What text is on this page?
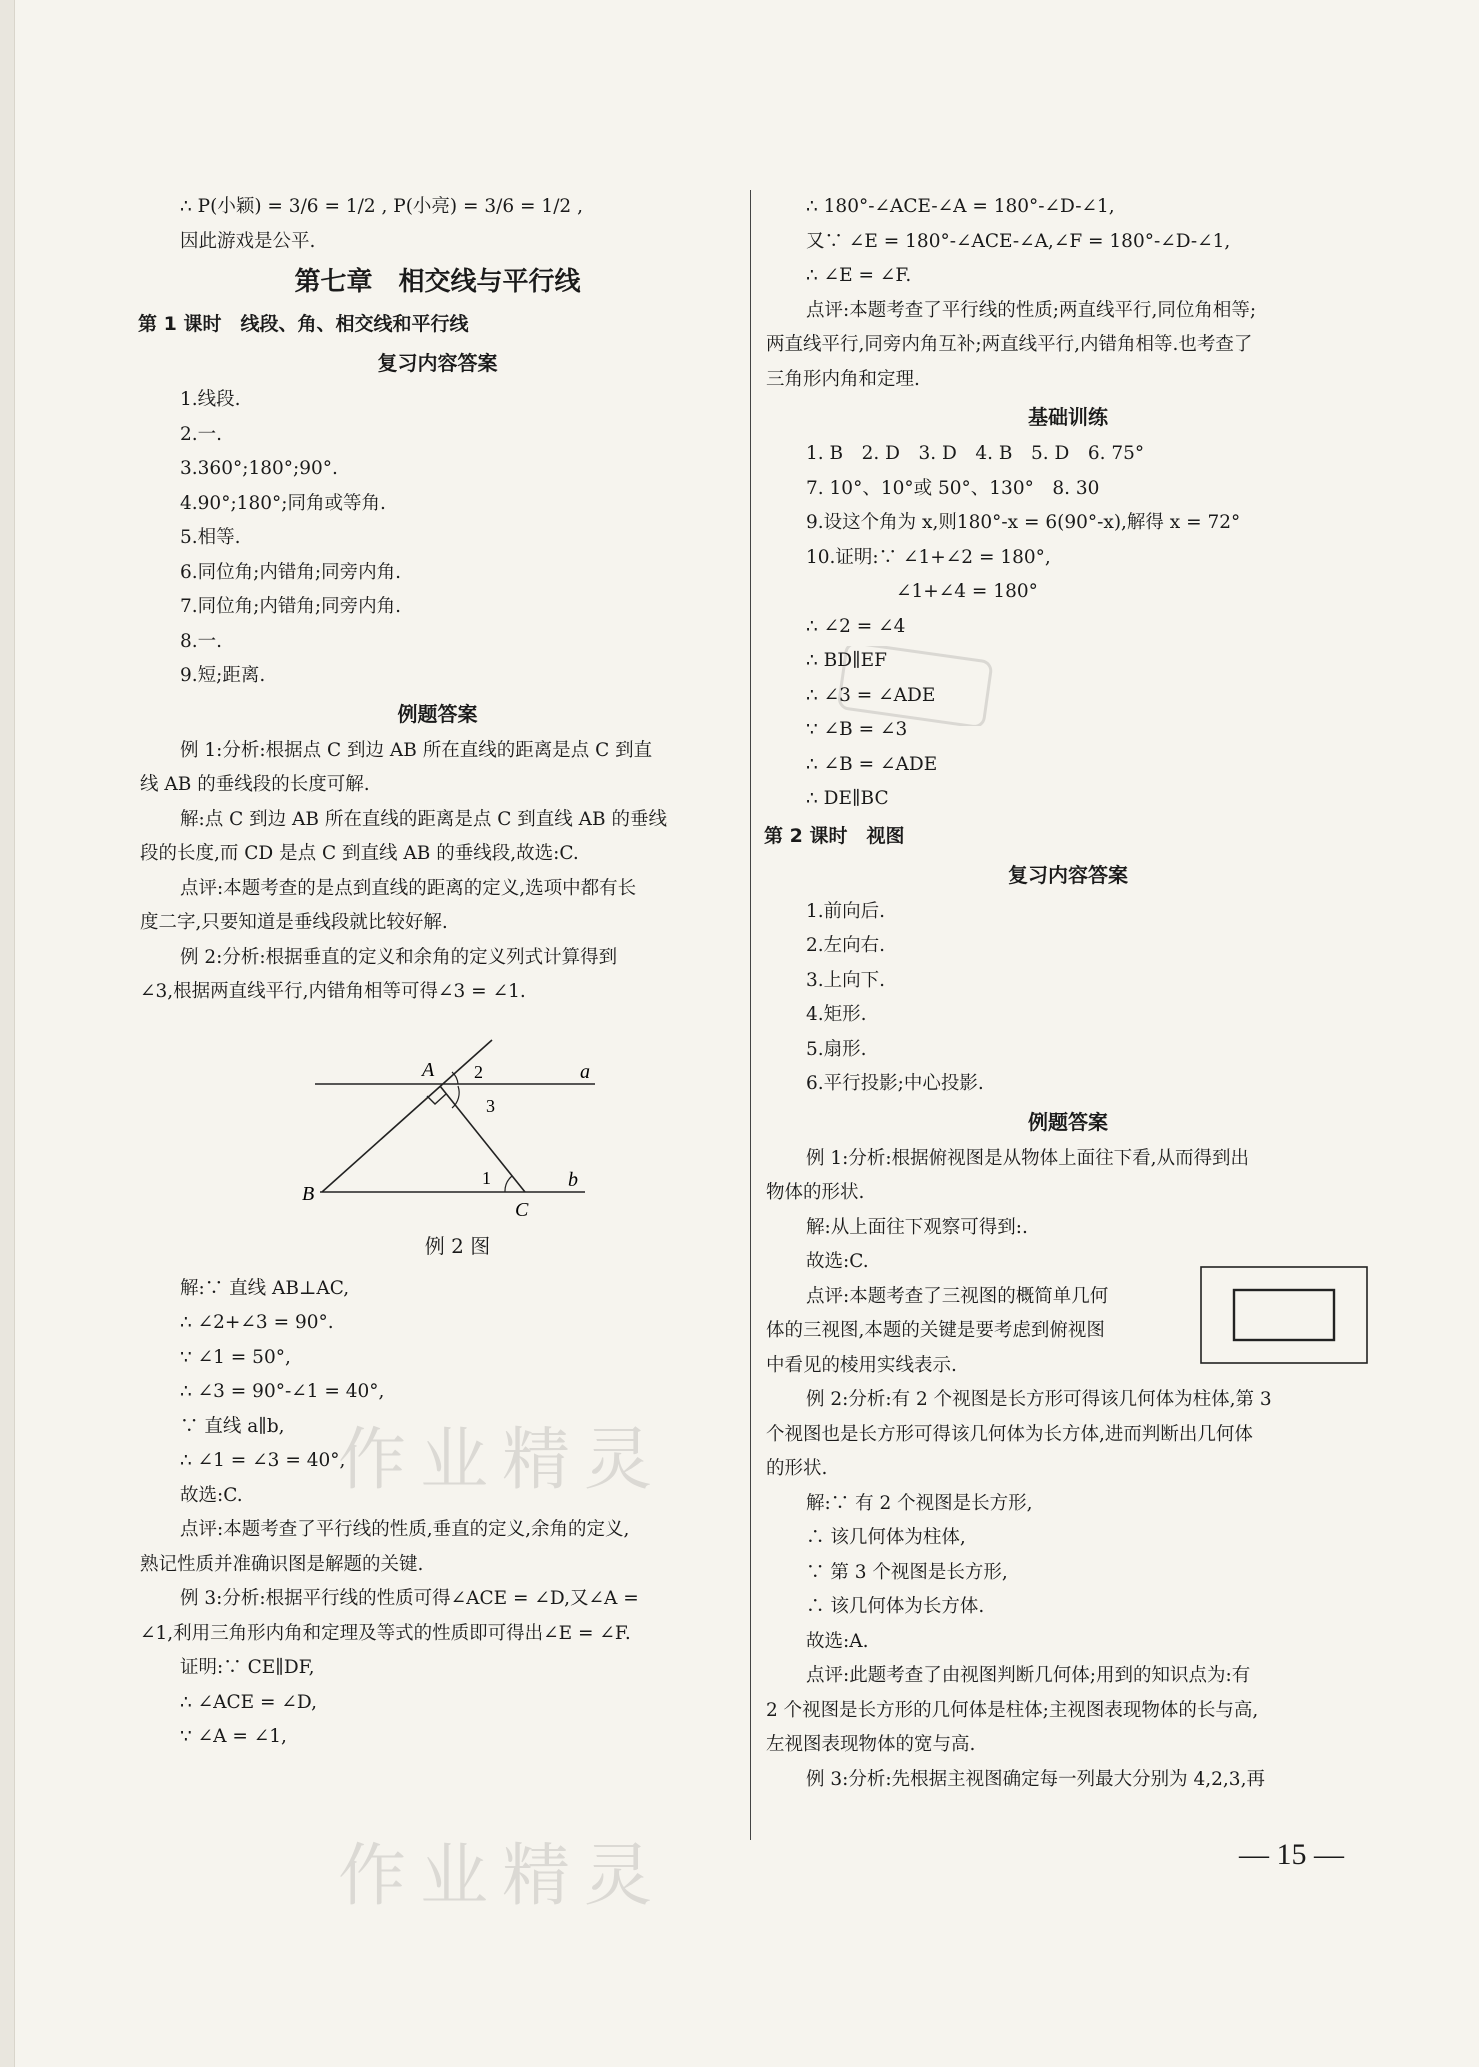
∴ P(小颖) = 3/6 = 1/2 , P(小亮) = 3/6 = 1/2 ,
因此游戏是公平.
第七章　相交线与平行线
第 1 课时　线段、角、相交线和平行线
复习内容答案
1.线段.
2.一.
3.360°;180°;90°.
4.90°;180°;同角或等角.
5.相等.
6.同位角;内错角;同旁内角.
7.同位角;内错角;同旁内角.
8.一.
9.短;距离.
例题答案
例 1:分析:根据点 C 到边 AB 所在直线的距离是点 C 到直
线 AB 的垂线段的长度可解.
解:点 C 到边 AB 所在直线的距离是点 C 到直线 AB 的垂线
段的长度,而 CD 是点 C 到直线 AB 的垂线段,故选:C.
点评:本题考查的是点到直线的距离的定义,选项中都有长
度二字,只要知道是垂线段就比较好解.
例 2:分析:根据垂直的定义和余角的定义列式计算得到
∠3,根据两直线平行,内错角相等可得∠3 = ∠1.
A
B
C
a
b
1
2
3
例 2 图
解:∵ 直线 AB⊥AC,
∴ ∠2+∠3 = 90°.
∵ ∠1 = 50°,
∴ ∠3 = 90°-∠1 = 40°,
∵ 直线 a∥b,
∴ ∠1 = ∠3 = 40°,
故选:C.
点评:本题考查了平行线的性质,垂直的定义,余角的定义,
熟记性质并准确识图是解题的关键.
例 3:分析:根据平行线的性质可得∠ACE = ∠D,又∠A =
∠1,利用三角形内角和定理及等式的性质即可得出∠E = ∠F.
证明:∵ CE∥DF,
∴ ∠ACE = ∠D,
∵ ∠A = ∠1,
∴ 180°-∠ACE-∠A = 180°-∠D-∠1,
又∵ ∠E = 180°-∠ACE-∠A,∠F = 180°-∠D-∠1,
∴ ∠E = ∠F.
点评:本题考查了平行线的性质;两直线平行,同位角相等;
两直线平行,同旁内角互补;两直线平行,内错角相等.也考查了
三角形内角和定理.
基础训练
1. B　2. D　3. D　4. B　5. D　6. 75°
7. 10°、10°或 50°、130°　8. 30
9.设这个角为 x,则180°-x = 6(90°-x),解得 x = 72°
10.证明:∵ ∠1+∠2 = 180°,
∠1+∠4 = 180°
∴ ∠2 = ∠4
∴ BD∥EF
∴ ∠3 = ∠ADE
∵ ∠B = ∠3
∴ ∠B = ∠ADE
∴ DE∥BC
第 2 课时　视图
复习内容答案
1.前向后.
2.左向右.
3.上向下.
4.矩形.
5.扇形.
6.平行投影;中心投影.
例题答案
例 1:分析:根据俯视图是从物体上面往下看,从而得到出
物体的形状.
解:从上面往下观察可得到:.
故选:C.
点评:本题考查了三视图的概简单几何
体的三视图,本题的关键是要考虑到俯视图
中看见的棱用实线表示.
例 2:分析:有 2 个视图是长方形可得该几何体为柱体,第 3
个视图也是长方形可得该几何体为长方体,进而判断出几何体
的形状.
解:∵ 有 2 个视图是长方形,
∴ 该几何体为柱体,
∵ 第 3 个视图是长方形,
∴ 该几何体为长方体.
故选:A.
点评:此题考查了由视图判断几何体;用到的知识点为:有
2 个视图是长方形的几何体是柱体;主视图表现物体的长与高,
左视图表现物体的宽与高.
例 3:分析:先根据主视图确定每一列最大分别为 4,2,3,再
作业精灵
作业精灵	— 15 —
